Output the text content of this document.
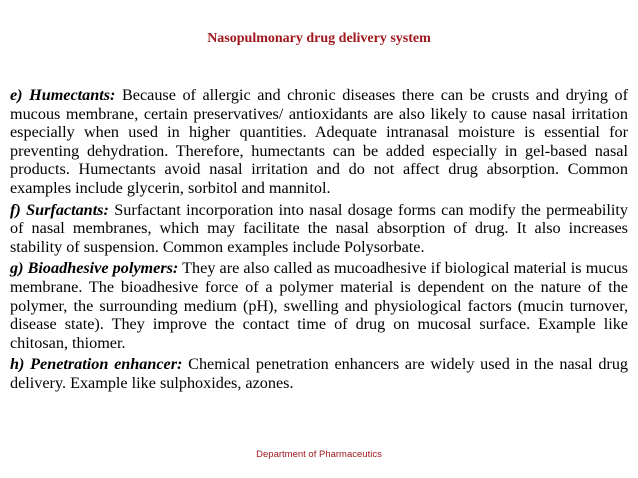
Nasopulmonary drug delivery system

e) Humectants: Because of allergic and chronic diseases there can be crusts and drying of mucous membrane, certain preservatives/ antioxidants are also likely to cause nasal irritation especially when used in higher quantities. Adequate intranasal moisture is essential for preventing dehydration. Therefore, humectants can be added especially in gel-based nasal products. Humectants avoid nasal irritation and do not affect drug absorption. Common examples include glycerin, sorbitol and mannitol.

f) Surfactants: Surfactant incorporation into nasal dosage forms can modify the permeability of nasal membranes, which may facilitate the nasal absorption of drug. It also increases stability of suspension. Common examples include Polysorbate.

g) Bioadhesive polymers: They are also called as mucoadhesive if biological material is mucus membrane. The bioadhesive force of a polymer material is dependent on the nature of the polymer, the surrounding medium (pH), swelling and physiological factors (mucin turnover, disease state). They improve the contact time of drug on mucosal surface. Example like chitosan, thiomer.

h) Penetration enhancer: Chemical penetration enhancers are widely used in the nasal drug delivery. Example like sulphoxides, azones.

Department of Pharmaceutics
